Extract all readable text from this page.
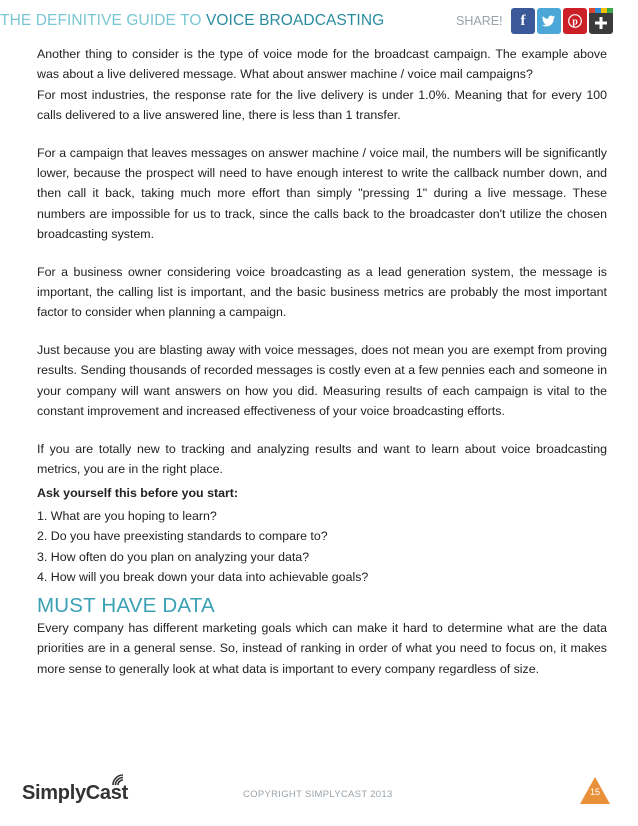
THE DEFINITIVE GUIDE TO VOICE BROADCASTING	SHARE! f	p

Another thing to consider is the type of voice mode for the broadcast campaign. The example above was about a live delivered message. What about answer machine / voice mail campaigns?

For most industries, the response rate for the live delivery is under 1.0%. Meaning that for every 100 calls delivered to a live answered line, there is less than 1 transfer.

For a campaign that leaves messages on answer machine / voice mail, the numbers will be significantly lower, because the prospect will need to have enough interest to write the callback number down, and then call it back, taking much more effort than simply "pressing 1" during a live message. These numbers are impossible for us to track, since the calls back to the broadcaster don't utilize the chosen broadcasting system.

For a business owner considering voice broadcasting as a lead generation system, the message is important, the calling list is important, and the basic business metrics are probably the most important factor to consider when planning a campaign.

Just because you are blasting away with voice messages, does not mean you are exempt from proving results. Sending thousands of recorded messages is costly even at a few pennies each and someone in your company will want answers on how you did. Measuring results of each campaign is vital to the constant improvement and increased effectiveness of your voice broadcasting efforts.

If you are totally new to tracking and analyzing results and want to learn about voice broadcasting metrics, you are in the right place.

Ask yourself this before you start:
1. What are you hoping to learn?
2. Do you have preexisting standards to compare to?
3. How often do you plan on analyzing your data?
4. How will you break down your data into achievable goals?
MUST HAVE DATA

Every company has different marketing goals which can make it hard to determine what are the data priorities are in a general sense. So, instead of ranking in order of what you need to focus on, it makes more sense to generally look at what data is important to every company regardless of size.

SimplyCast	COPYRIGHT SIMPLYCAST 2013	15
